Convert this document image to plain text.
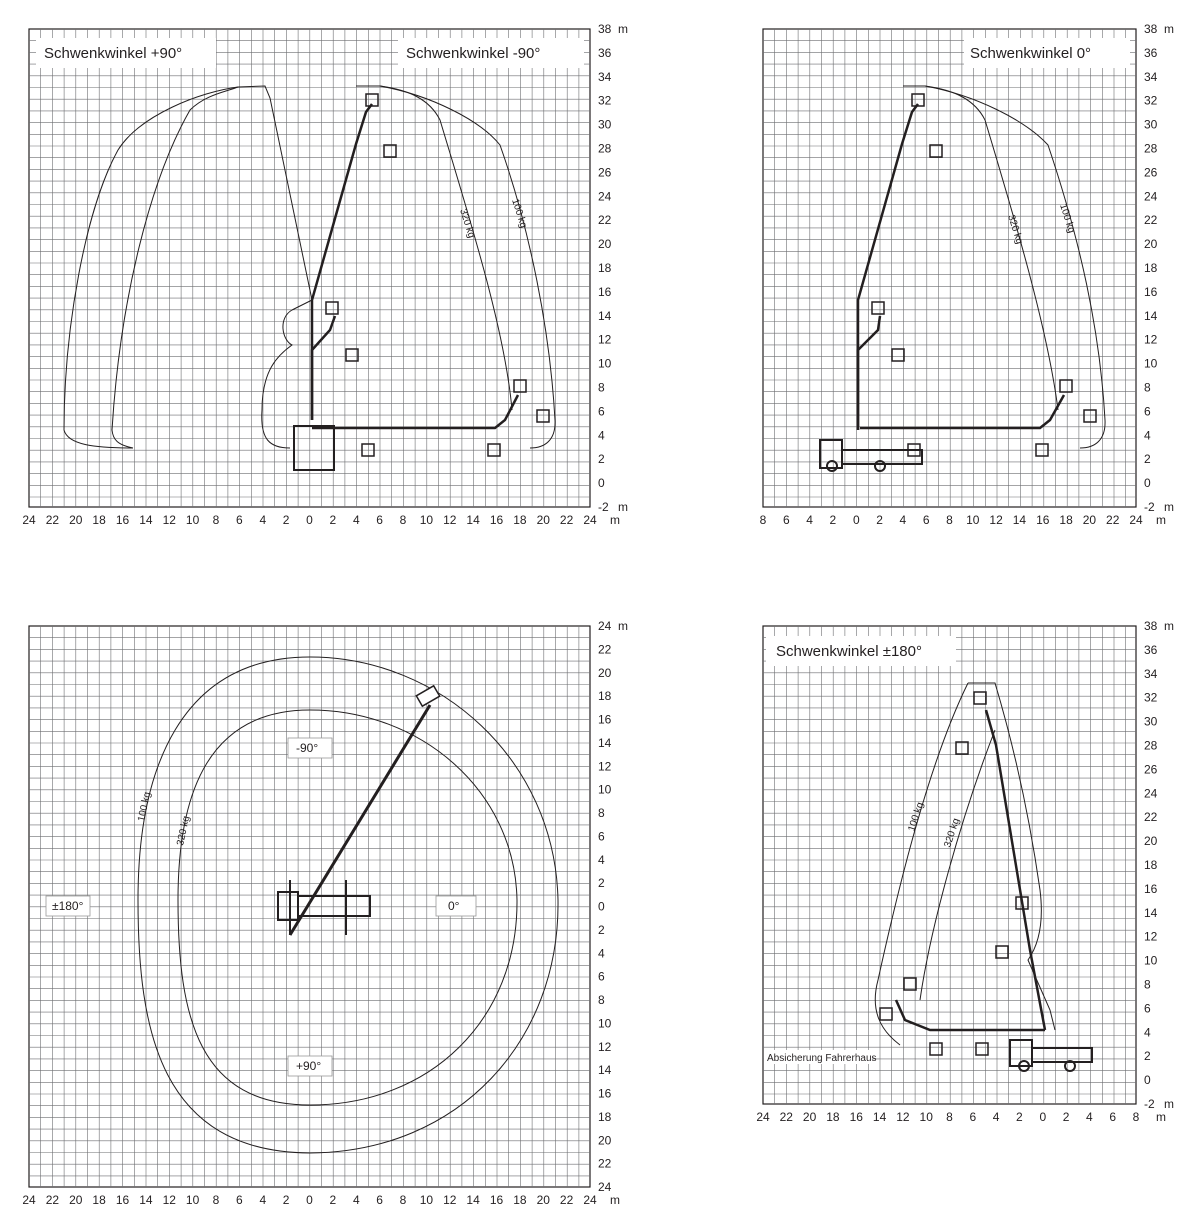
24 22 20 18 16 14 12 10 8 6 4 2 0 2 4 6 8 10 12 14 16 18 20 22 24 m
38
36
34
32
30
28
26
24
22
20
18
16
14
12
10
8
6
4
2
0
-2
m
m
Schwenkwinkel +90°	Schwenkwinkel -90°
320 kg	100 kg
8 6 4 2 0 2 4 6 8 10 12 14 16 18 20 22 24 m
38
36
34
32
30
28
26
24
22
20
18
16
14
12
10
8
6
4
2
0
-2
m
m
Schwenkwinkel 0°
320 kg	100 kg
24 22 20 18 16 14 12 10 8 6 4 2 0 2 4 6 8 10 12 14 16 18 20 22 24 m
24
22
20
18
16
14
12
10
8
6
4
2
0
2
4
6
8
10
12
14
16
18
20
22
24
m
-90°
±180°	0°
+90°
100 kg
320 kg
24 22 20 18 16 14 12 10 8 6 4 2 0 2 4 6 8 m
38
36
34
32
30
28
26
24
22
20
18
16
14
12
10
8
6
4
2
0
-2
m
m
Schwenkwinkel ±180°
100 kg
320 kg
Absicherung Fahrerhaus
